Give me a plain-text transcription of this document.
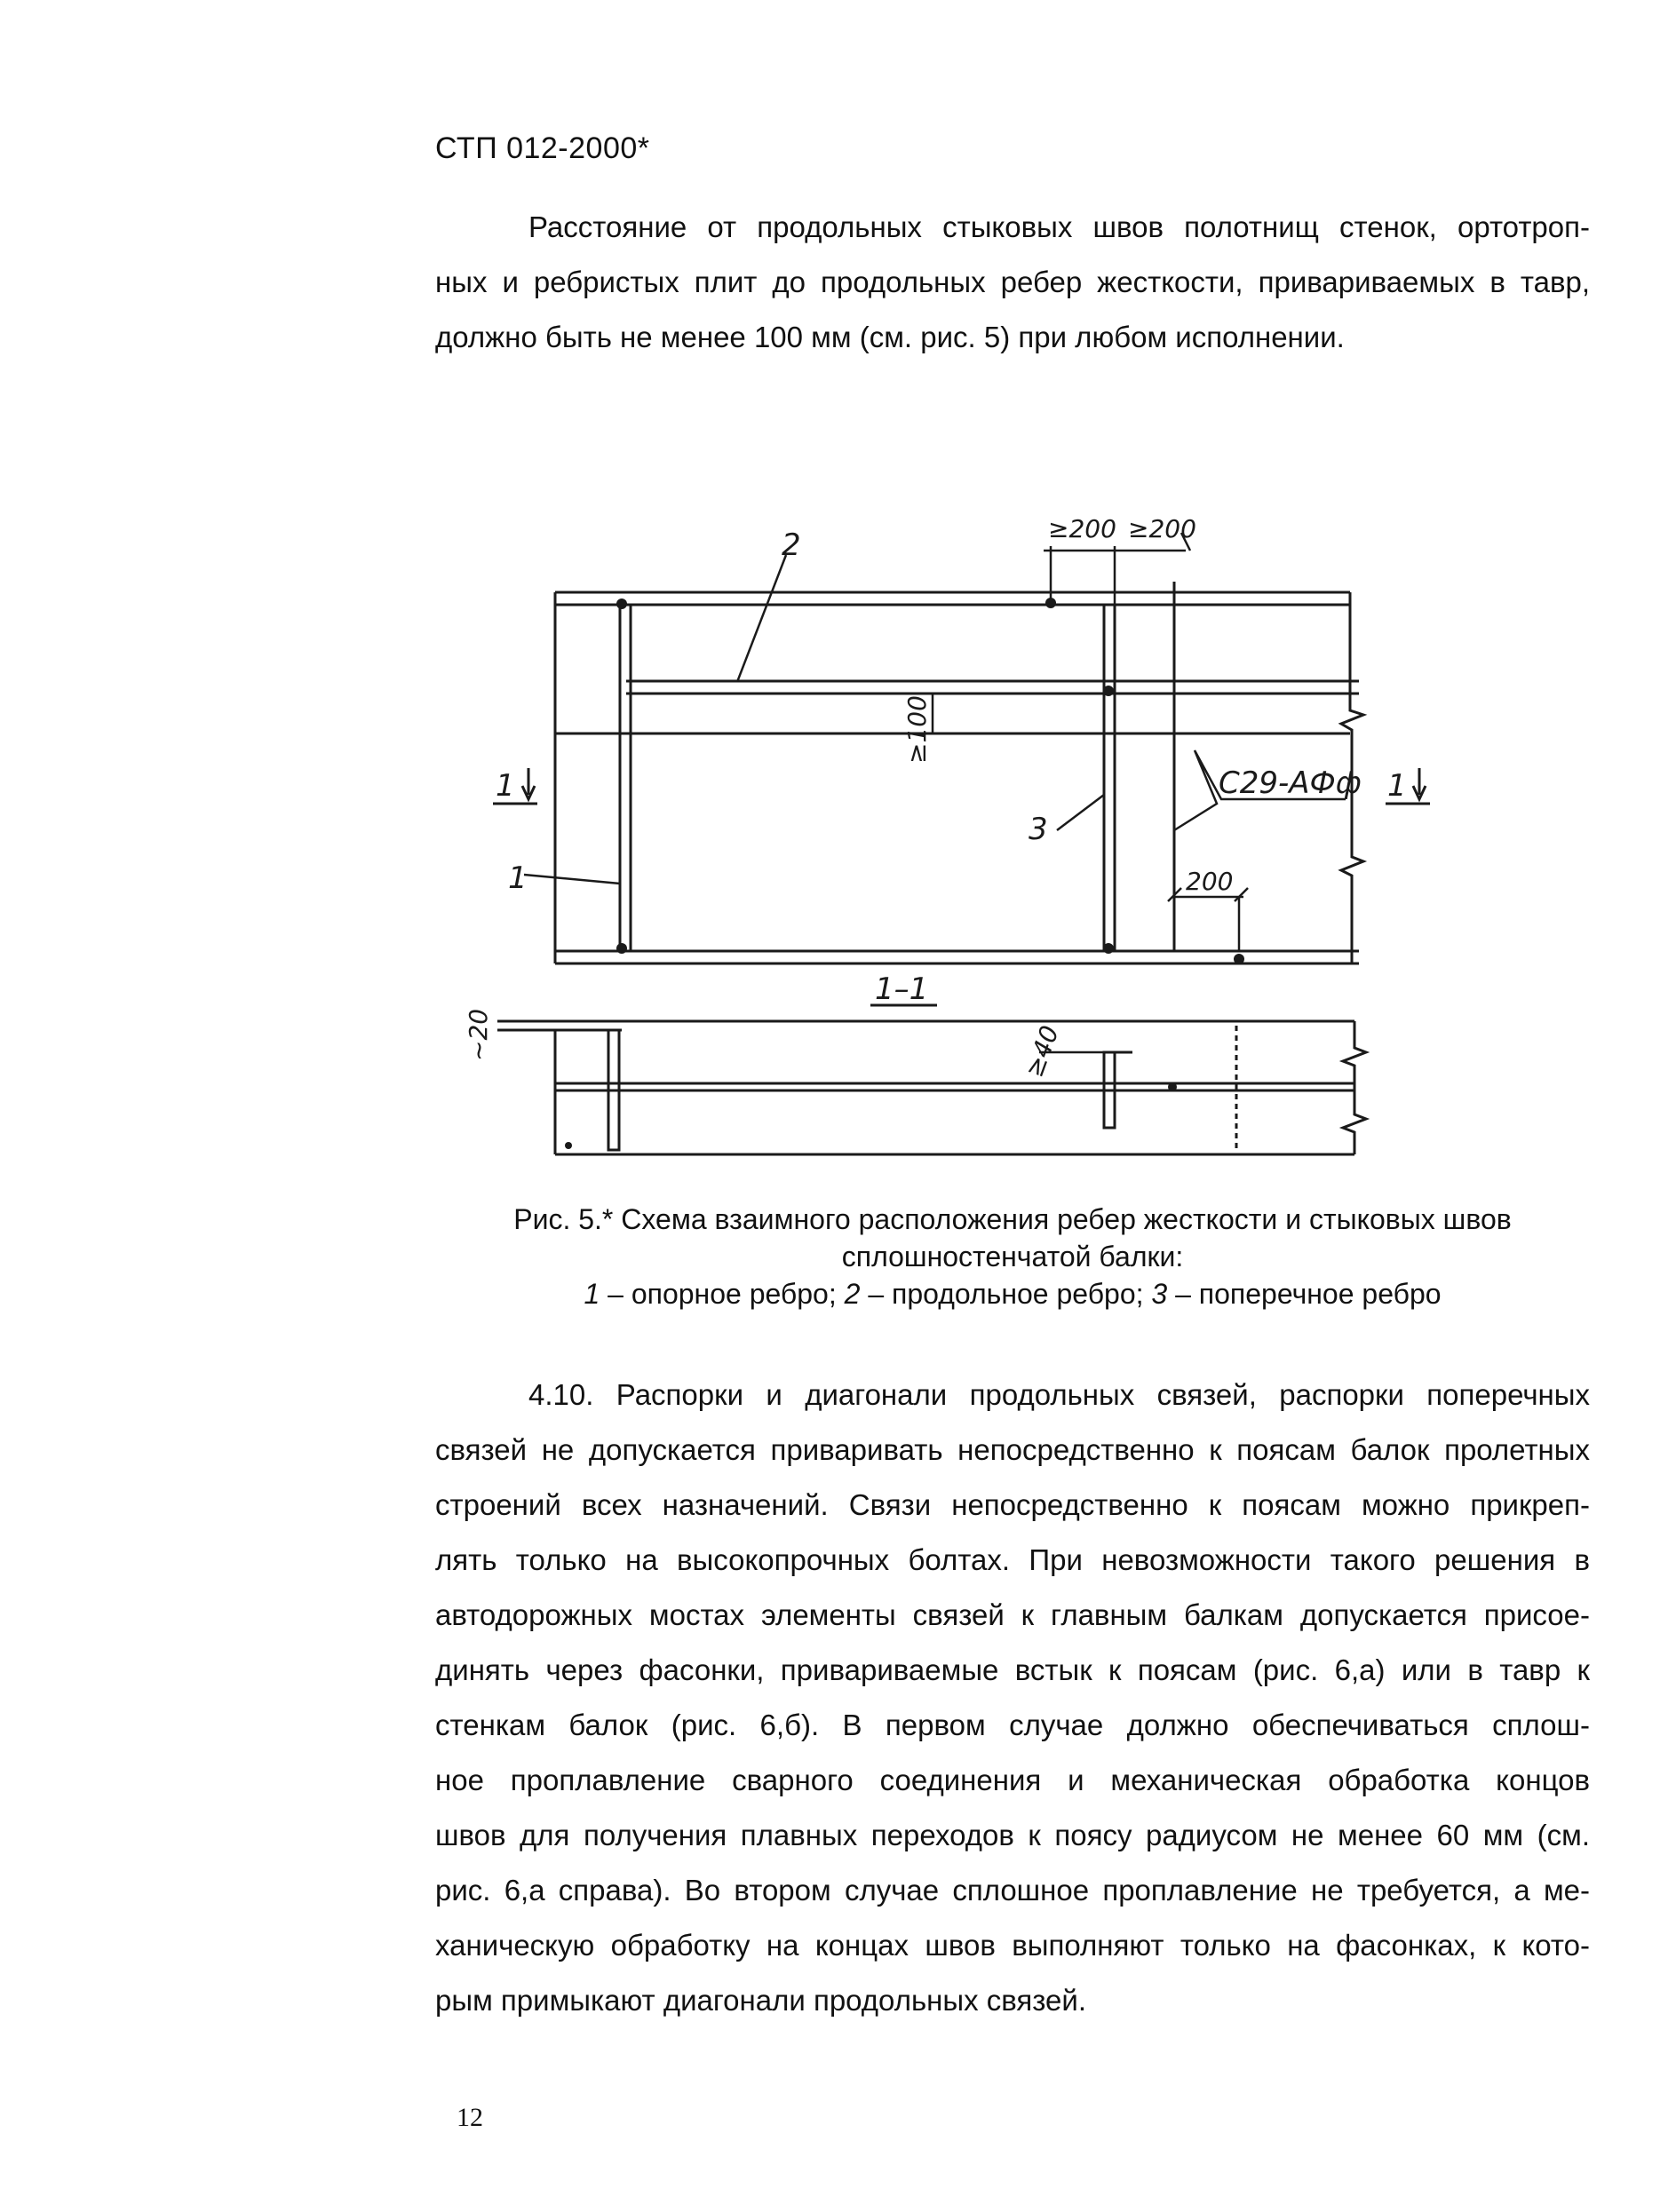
СТП 012-2000*
Расстояние от продольных стыковых швов полотнищ стенок, ортотроп-
ных и ребристых плит до продольных ребер жесткости, привариваемых в тавр,
должно быть не менее 100 мм (см. рис. 5) при любом исполнении.
≥200 ≥200
2
≥100
1	1
1
3
С29-АФф
200
1–1
~20	≥40
Рис. 5.* Схема взаимного расположения ребер жесткости и стыковых швов
сплошностенчатой балки:
1 – опорное ребро; 2 – продольное ребро; 3 – поперечное ребро
4.10. Распорки и диагонали продольных связей, распорки поперечных
связей не допускается приваривать непосредственно к поясам балок пролетных
строений всех назначений. Связи непосредственно к поясам можно прикреп-
лять только на высокопрочных болтах. При невозможности такого решения в
автодорожных мостах элементы связей к главным балкам допускается присое-
динять через фасонки, привариваемые встык к поясам (рис. 6,а) или в тавр к
стенкам балок (рис. 6,б). В первом случае должно обеспечиваться сплош-
ное проплавление сварного соединения и механическая обработка концов
швов для получения плавных переходов к поясу радиусом не менее 60 мм (см.
рис. 6,а справа). Во втором случае сплошное проплавление не требуется, а ме-
ханическую обработку на концах швов выполняют только на фасонках, к кото-
рым примыкают диагонали продольных связей.
12
